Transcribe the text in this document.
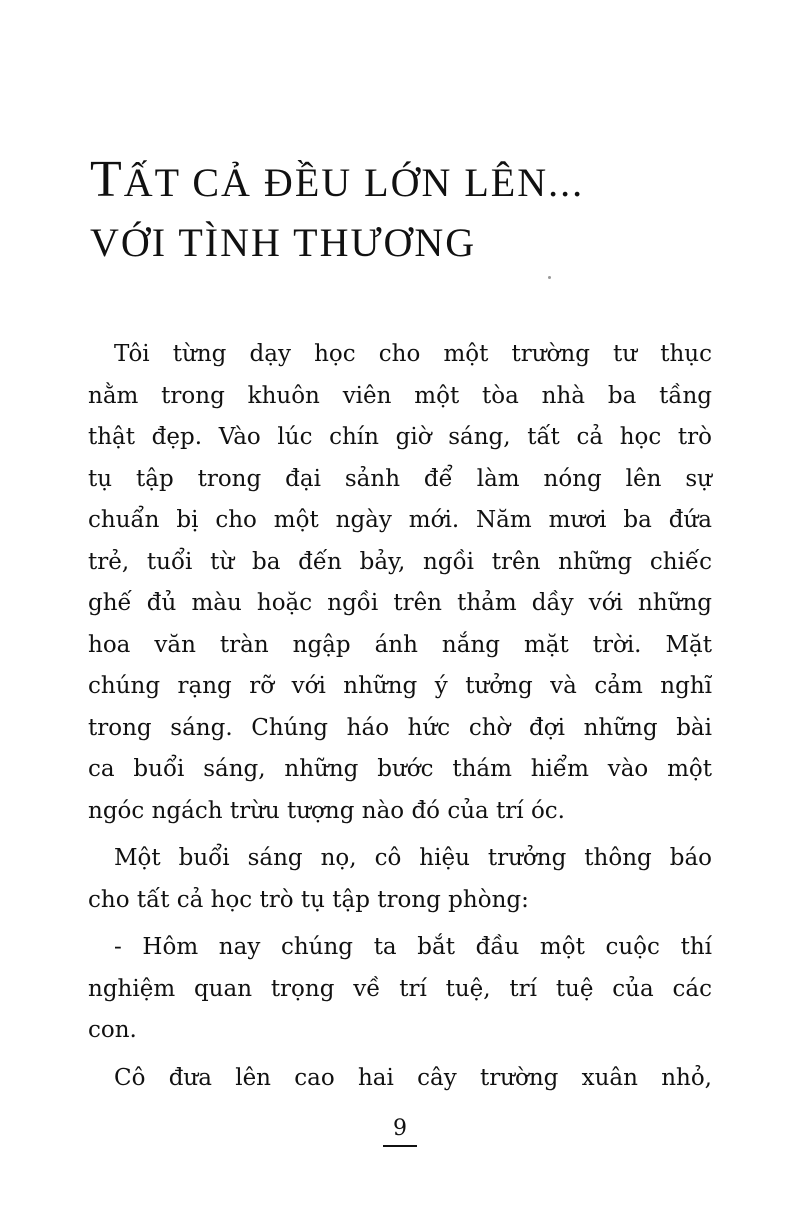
TẤT CẢ ĐỀU LỚN LÊN...
VỚI TÌNH THƯƠNG

Tôi từng dạy học cho một trường tư thục
nằm trong khuôn viên một tòa nhà ba tầng
thật đẹp. Vào lúc chín giờ sáng, tất cả học trò
tụ tập trong đại sảnh để làm nóng lên sự
chuẩn bị cho một ngày mới. Năm mươi ba đứa
trẻ, tuổi từ ba đến bảy, ngồi trên những chiếc
ghế đủ màu hoặc ngồi trên thảm dầy với những
hoa văn tràn ngập ánh nắng mặt trời. Mặt
chúng rạng rỡ với những ý tưởng và cảm nghĩ
trong sáng. Chúng háo hức chờ đợi những bài
ca buổi sáng, những bước thám hiểm vào một
ngóc ngách trừu tượng nào đó của trí óc.

Một buổi sáng nọ, cô hiệu trưởng thông báo
cho tất cả học trò tụ tập trong phòng:

- Hôm nay chúng ta bắt đầu một cuộc thí
nghiệm quan trọng về trí tuệ, trí tuệ của các
con.

Cô đưa lên cao hai cây trường xuân nhỏ,

9
